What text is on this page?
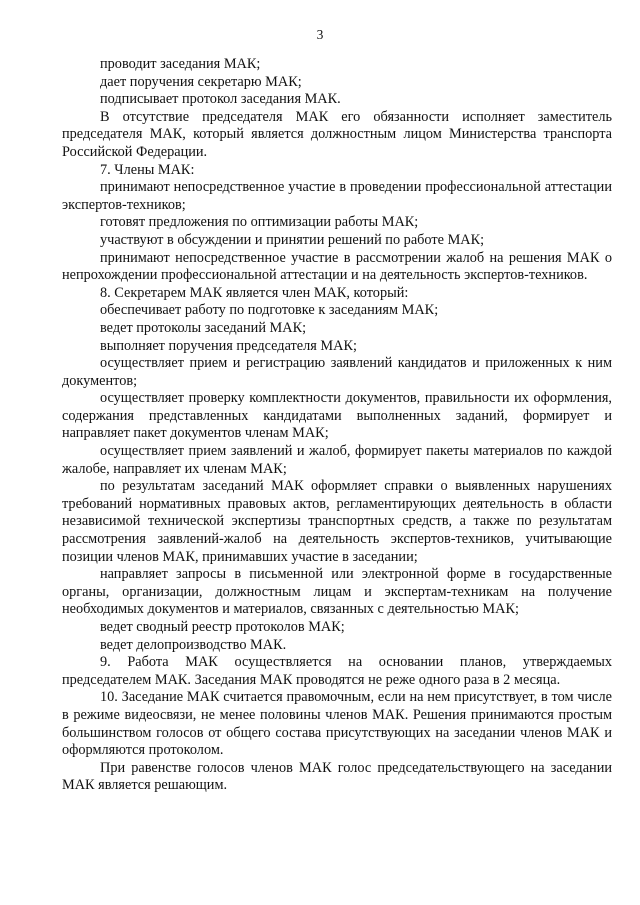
3

проводит заседания МАК;

дает поручения секретарю МАК;

подписывает протокол заседания МАК.

В отсутствие председателя МАК его обязанности исполняет заместитель председателя МАК, который является должностным лицом Министерства транспорта Российской Федерации.

7. Члены МАК:

принимают непосредственное участие в проведении профессиональной аттестации экспертов-техников;

готовят предложения по оптимизации работы МАК;

участвуют в обсуждении и принятии решений по работе МАК;

принимают непосредственное участие в рассмотрении жалоб на решения МАК о непрохождении профессиональной аттестации и на деятельность экспертов-техников.

8. Секретарем МАК является член МАК, который:

обеспечивает работу по подготовке к заседаниям МАК;

ведет протоколы заседаний МАК;

выполняет поручения председателя МАК;

осуществляет прием и регистрацию заявлений кандидатов и приложенных к ним документов;

осуществляет проверку комплектности документов, правильности их оформления, содержания представленных кандидатами выполненных заданий, формирует и направляет пакет документов членам МАК;

осуществляет прием заявлений и жалоб, формирует пакеты материалов по каждой жалобе, направляет их членам МАК;

по результатам заседаний МАК оформляет справки о выявленных нарушениях требований нормативных правовых актов, регламентирующих деятельность в области независимой технической экспертизы транспортных средств, а также по результатам рассмотрения заявлений-жалоб на деятельность экспертов-техников, учитывающие позиции членов МАК, принимавших участие в заседании;

направляет запросы в письменной или электронной форме в государственные органы, организации, должностным лицам и экспертам-техникам на получение необходимых документов и материалов, связанных с деятельностью МАК;

ведет сводный реестр протоколов МАК;

ведет делопроизводство МАК.

9. Работа МАК осуществляется на основании планов, утверждаемых председателем МАК. Заседания МАК проводятся не реже одного раза в 2 месяца.

10. Заседание МАК считается правомочным, если на нем присутствует, в том числе в режиме видеосвязи, не менее половины членов МАК. Решения принимаются простым большинством голосов от общего состава присутствующих на заседании членов МАК и оформляются протоколом.

При равенстве голосов членов МАК голос председательствующего на заседании МАК является решающим.
